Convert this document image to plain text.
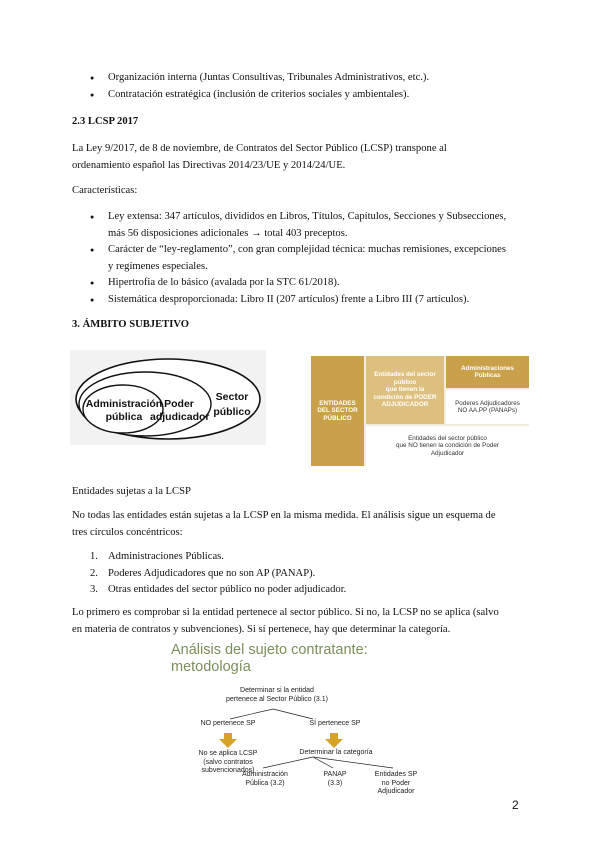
● Organización interna (Juntas Consultivas, Tribunales Administrativos, etc.).
● Contratación estratégica (inclusión de criterios sociales y ambientales).
2.3 LCSP 2017
La Ley 9/2017, de 8 de noviembre, de Contratos del Sector Público (LCSP) transpone al
ordenamiento español las Directivas 2014/23/UE y 2014/24/UE.
Características:
● Ley extensa: 347 artículos, divididos en Libros, Títulos, Capítulos, Secciones y Subsecciones,
más 56 disposiciones adicionales → total 403 preceptos.
● Carácter de “ley-reglamento”, con gran complejidad técnica: muchas remisiones, excepciones
y regímenes especiales.
● Hipertrofia de lo básico (avalada por la STC 61/2018).
● Sistemática desproporcionada: Libro II (207 artículos) frente a Libro III (7 artículos).
3. ÁMBITO SUBJETIVO
Administración
pública
Poder
adjudicador
Sector
público
ENTIDADES
DEL SECTOR
PÚBLICO
Entidades del sector
público
que tienen la
condición de PODER
ADJUDICADOR
Administraciones
Públicas
Poderes Adjudicadores
NO AA.PP (PANAPs)
Entidades del sector público
que NO tienen la condición de Poder
Adjudicador
Entidades sujetas a la LCSP
No todas las entidades están sujetas a la LCSP en la misma medida. El análisis sigue un esquema de
tres círculos concéntricos:
1. Administraciones Públicas.
2. Poderes Adjudicadores que no son AP (PANAP).
3. Otras entidades del sector público no poder adjudicador.
Lo primero es comprobar si la entidad pertenece al sector público. Si no, la LCSP no se aplica (salvo
en materia de contratos y subvenciones). Si sí pertenece, hay que determinar la categoría.
Análisis del sujeto contratante:
metodología
Determinar si la entidad
pertenece al Sector Público (3.1)
NO pertenece SP	SÍ pertenece SP
No se aplica LCSP
(salvo contratos
subvencionados)
Determinar la categoría
Administración
Pública (3.2)
PANAP
(3.3)
Entidades SP
no Poder
Adjudicador
2
